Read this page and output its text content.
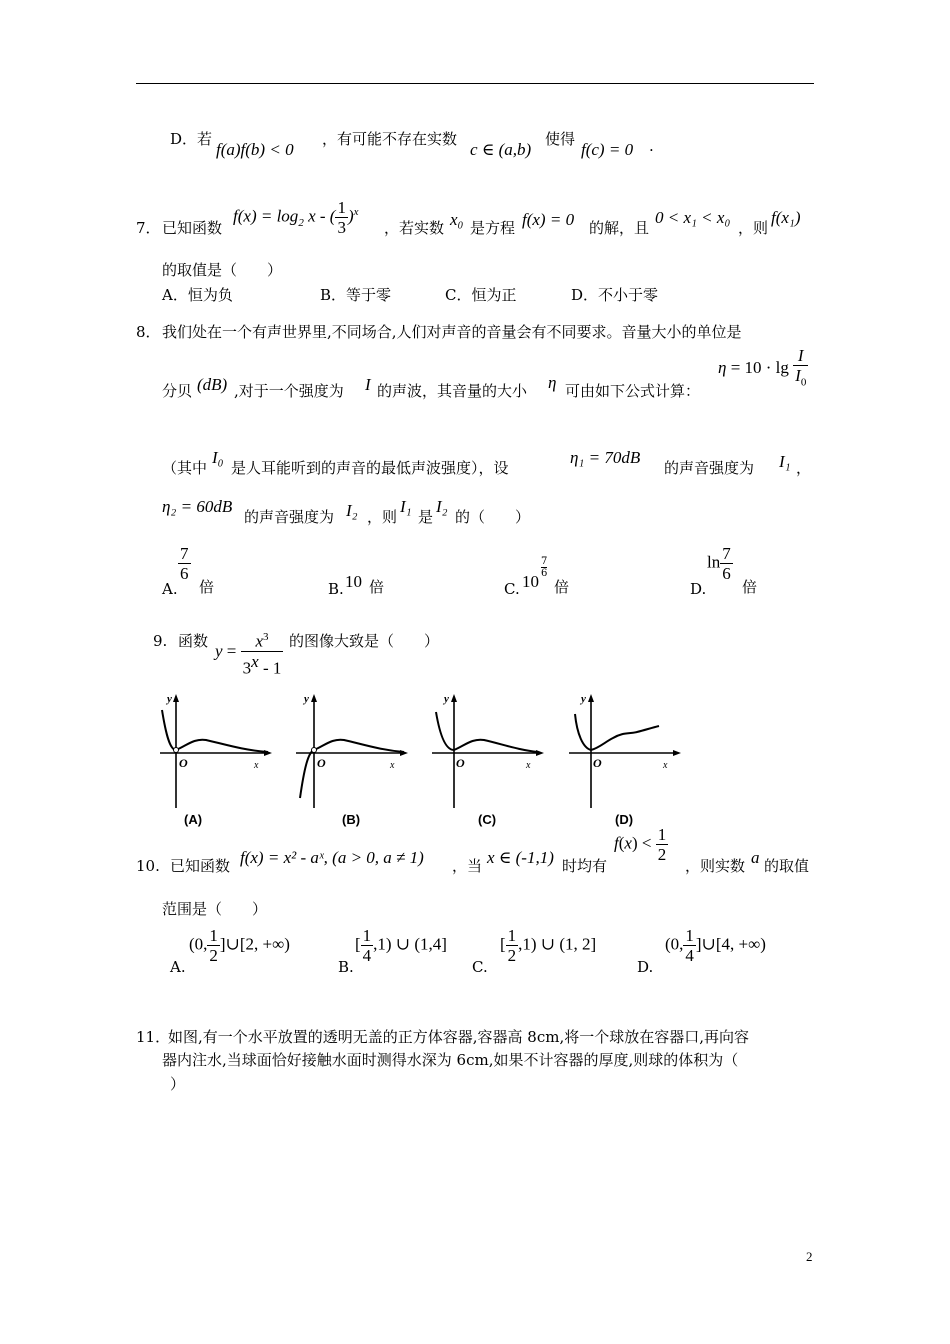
D．若
f(a)f(b) < 0
，有可能不存在实数
c ∈ (a,b)
使得
f(c) = 0 .
7． 已知函数
$f(x) = \log_2 x$ - ( $\frac{1}{3} )^x$
，若实数 x₀ 是方程 f(x) = 0 的解，且
0 < x₁ < x₀
，则
f(x₁)
的取值是（　　）
A．恒为负	B．等于零	C．恒为正	D．不小于零
8． 我们处在一个有声世界里,不同场合,人们对声音的音量会有不同要求。音量大小的单位是
分贝 (dB) ,对于一个强度为 I 的声波，其音量的大小 η 可由如下公式计算：
$\eta = 10 \cdot \lg \frac{I}{I_0}$
（其中
I₀
是人耳能听到的声音的最低声波强度），设
η₁ = 70dB
的声音强度为 I₁ ，
η₂ = 60dB
的声音强度为 I₂ ，则
I₁
是
I₂
的（　　）
A.
$\frac{7}{6}$
倍	B. 10 倍	C. 10
7
6
倍	D.
$\ln \frac{7}{6}$
倍
9. 函数
$y = \frac{x^3}{3^x - 1}$ 的图像大致是（　　）
y
x
O
(A)
y
x
O
(B)
y
x
O
(C)
y
x
O
(D)
10. 已知函数 f(x) = x² - aˣ, (a > 0, a ≠ 1) ，当 x ∈ (-1,1) 时均有
$f(x) < \frac{1}{2}$
，则实数 a 的取值
范围是（　　）
A.
(0, $\frac{1}{2}$ ]∪[2, +∞)
B.
[ $\frac{1}{4} ,1$) ∪ (1,4]
C.
[ $\frac{1}{2} ,1$) ∪ (1, 2]
D.
(0, $\frac{1}{4}$ ]∪[4, +∞)
11．
如图,有一个水平放置的透明无盖的正方体容器,容器高 8cm,将一个球放在容器口,再向容
器内注水,当球面恰好接触水面时测得水深为 6cm,如果不计容器的厚度,则球的体积为（
）
2
